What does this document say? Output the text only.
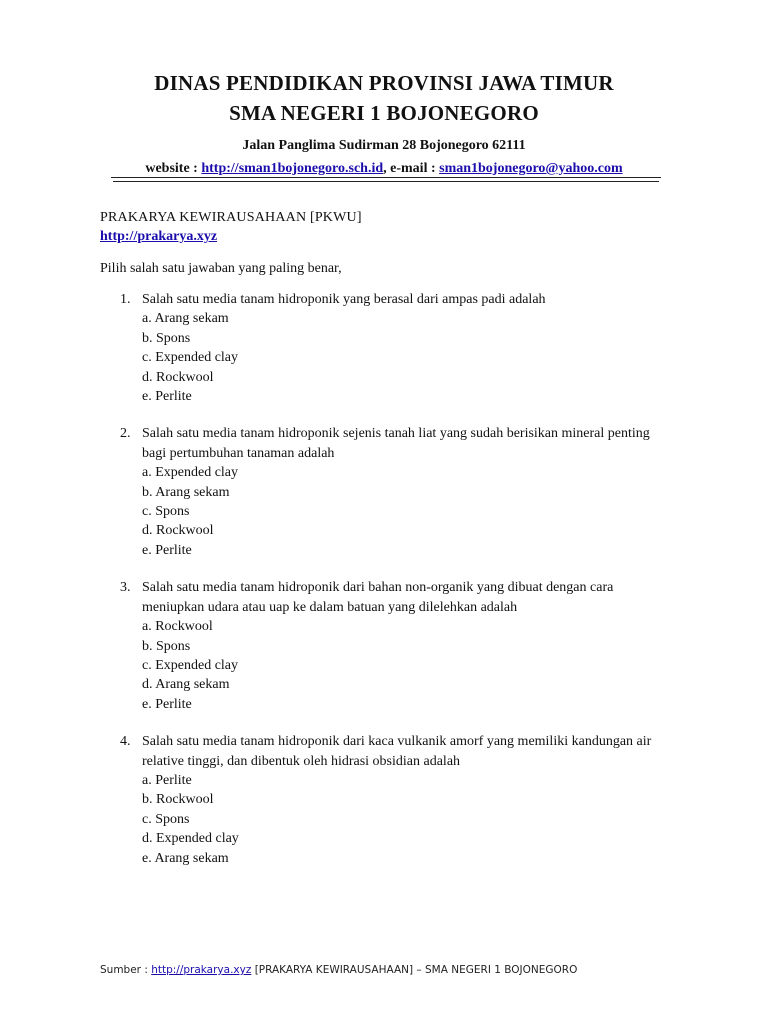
DINAS PENDIDIKAN PROVINSI JAWA TIMUR
SMA NEGERI 1 BOJONEGORO
Jalan Panglima Sudirman 28 Bojonegoro 62111
website : http://sman1bojonegoro.sch.id, e-mail : sman1bojonegoro@yahoo.com
PRAKARYA KEWIRAUSAHAAN [PKWU]
http://prakarya.xyz
Pilih salah satu jawaban yang paling benar,
1. Salah satu media tanam hidroponik yang berasal dari ampas padi adalah
a. Arang sekam
b. Spons
c. Expended clay
d. Rockwool
e. Perlite
2. Salah satu media tanam hidroponik sejenis tanah liat yang sudah berisikan mineral penting
bagi pertumbuhan tanaman adalah
a. Expended clay
b. Arang sekam
c. Spons
d. Rockwool
e. Perlite
3. Salah satu media tanam hidroponik dari bahan non-organik yang dibuat dengan cara
meniupkan udara atau uap ke dalam batuan yang dilelehkan adalah
a. Rockwool
b. Spons
c. Expended clay
d. Arang sekam
e. Perlite
4. Salah satu media tanam hidroponik dari kaca vulkanik amorf yang memiliki kandungan air
relative tinggi, dan dibentuk oleh hidrasi obsidian adalah
a. Perlite
b. Rockwool
c. Spons
d. Expended clay
e. Arang sekam
Sumber : http://prakarya.xyz [PRAKARYA KEWIRAUSAHAAN] – SMA NEGERI 1 BOJONEGORO
